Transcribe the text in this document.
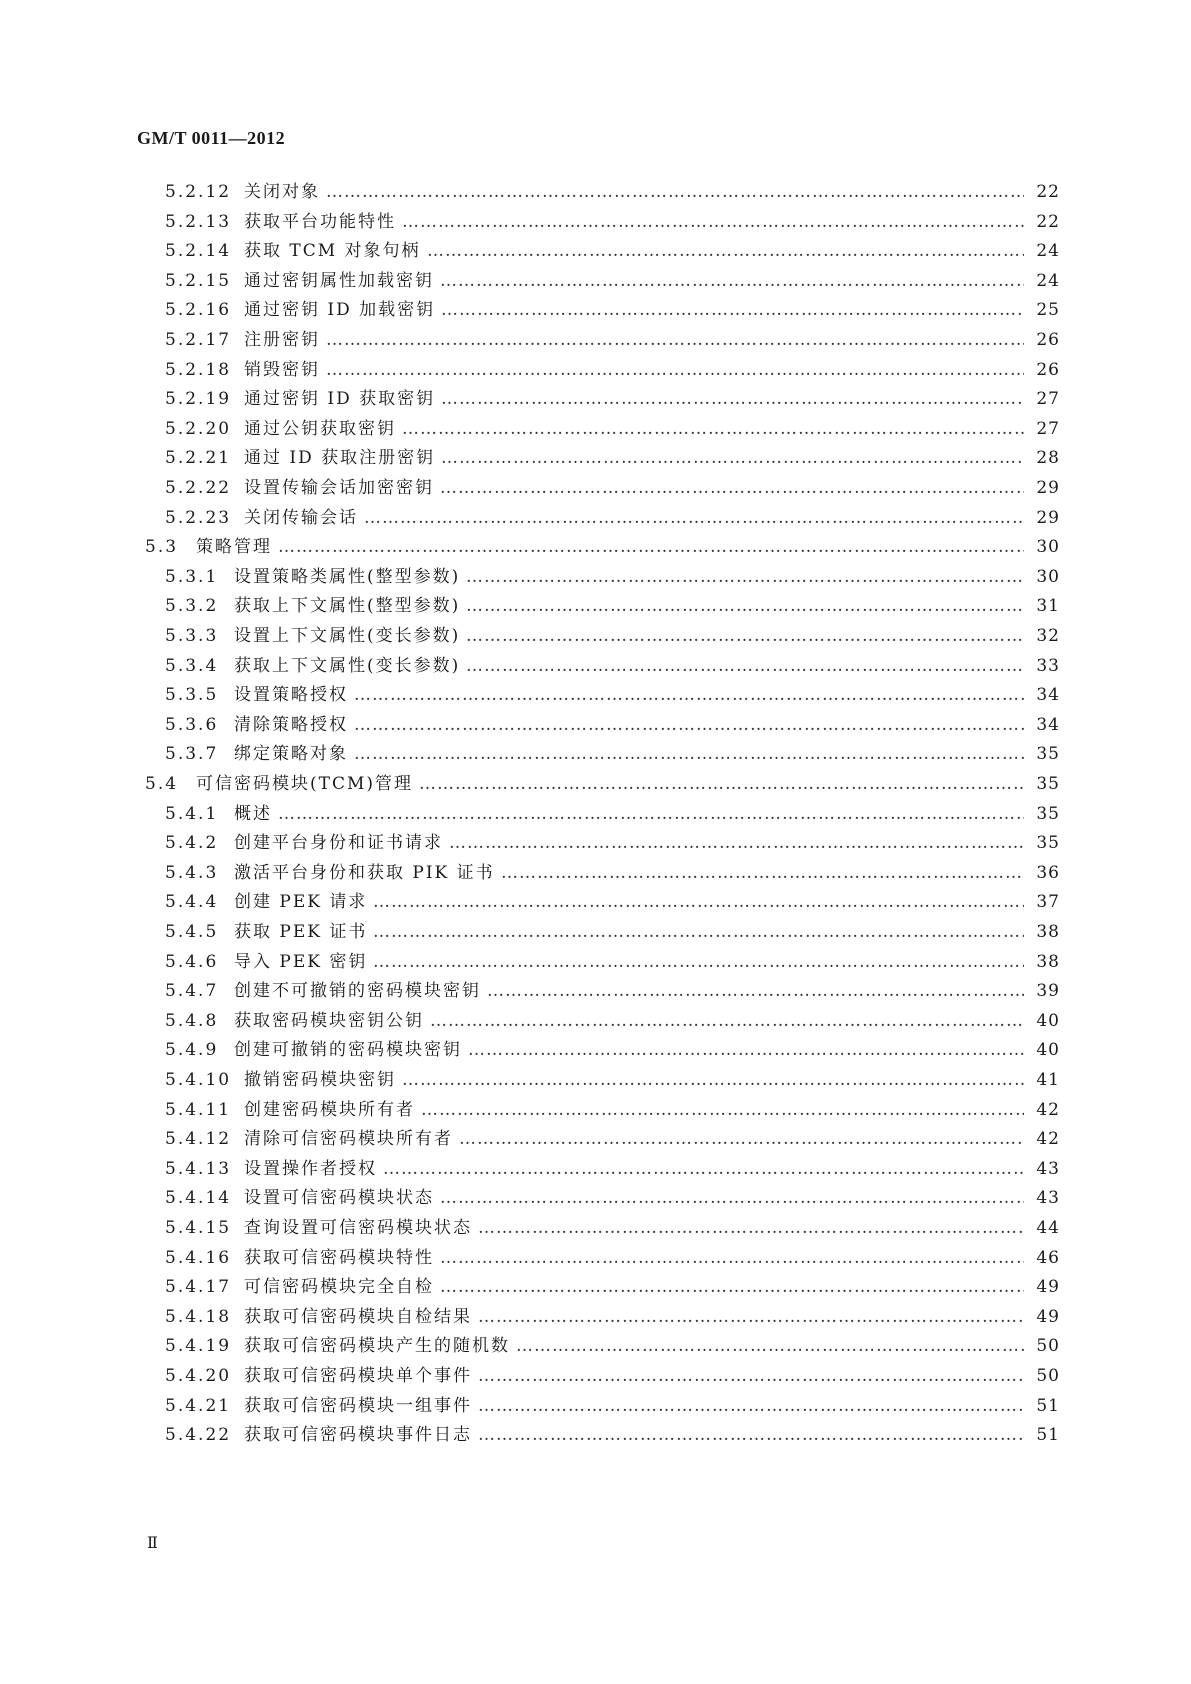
GM/T 0011—2012
5.2.12 关闭对象 …………………………………………………………………………………………………………………………………………………………………………………………………………………………………………………………………………	22
5.2.13 获取平台功能特性 …………………………………………………………………………………………………………………………………………………………………………………………………………………………………………………………………………	22
5.2.14 获取 TCM 对象句柄 …………………………………………………………………………………………………………………………………………………………………………………………………………………………………………………………………………	24
5.2.15 通过密钥属性加载密钥 …………………………………………………………………………………………………………………………………………………………………………………………………………………………………………………………………………	24
5.2.16 通过密钥 ID 加载密钥 …………………………………………………………………………………………………………………………………………………………………………………………………………………………………………………………………………	25
5.2.17 注册密钥 …………………………………………………………………………………………………………………………………………………………………………………………………………………………………………………………………………	26
5.2.18 销毁密钥 …………………………………………………………………………………………………………………………………………………………………………………………………………………………………………………………………………	26
5.2.19 通过密钥 ID 获取密钥 …………………………………………………………………………………………………………………………………………………………………………………………………………………………………………………………………………	27
5.2.20 通过公钥获取密钥 …………………………………………………………………………………………………………………………………………………………………………………………………………………………………………………………………………	27
5.2.21 通过 ID 获取注册密钥 …………………………………………………………………………………………………………………………………………………………………………………………………………………………………………………………………………	28
5.2.22 设置传输会话加密密钥 …………………………………………………………………………………………………………………………………………………………………………………………………………………………………………………………………………	29
5.2.23 关闭传输会话 …………………………………………………………………………………………………………………………………………………………………………………………………………………………………………………………………………	29
5.3 策略管理 …………………………………………………………………………………………………………………………………………………………………………………………………………………………………………………………………………	30
5.3.1 设置策略类属性(整型参数) …………………………………………………………………………………………………………………………………………………………………………………………………………………………………………………………………………	30
5.3.2 获取上下文属性(整型参数) …………………………………………………………………………………………………………………………………………………………………………………………………………………………………………………………………………	31
5.3.3 设置上下文属性(变长参数) …………………………………………………………………………………………………………………………………………………………………………………………………………………………………………………………………………	32
5.3.4 获取上下文属性(变长参数) …………………………………………………………………………………………………………………………………………………………………………………………………………………………………………………………………………	33
5.3.5 设置策略授权 …………………………………………………………………………………………………………………………………………………………………………………………………………………………………………………………………………	34
5.3.6 清除策略授权 …………………………………………………………………………………………………………………………………………………………………………………………………………………………………………………………………………	34
5.3.7 绑定策略对象 …………………………………………………………………………………………………………………………………………………………………………………………………………………………………………………………………………	35
5.4 可信密码模块(TCM)管理 …………………………………………………………………………………………………………………………………………………………………………………………………………………………………………………………………………	35
5.4.1 概述 …………………………………………………………………………………………………………………………………………………………………………………………………………………………………………………………………………	35
5.4.2 创建平台身份和证书请求 …………………………………………………………………………………………………………………………………………………………………………………………………………………………………………………………………………	35
5.4.3 激活平台身份和获取 PIK 证书 …………………………………………………………………………………………………………………………………………………………………………………………………………………………………………………………………………	36
5.4.4 创建 PEK 请求 …………………………………………………………………………………………………………………………………………………………………………………………………………………………………………………………………………	37
5.4.5 获取 PEK 证书 …………………………………………………………………………………………………………………………………………………………………………………………………………………………………………………………………………	38
5.4.6 导入 PEK 密钥 …………………………………………………………………………………………………………………………………………………………………………………………………………………………………………………………………………	38
5.4.7 创建不可撤销的密码模块密钥 …………………………………………………………………………………………………………………………………………………………………………………………………………………………………………………………………………	39
5.4.8 获取密码模块密钥公钥 …………………………………………………………………………………………………………………………………………………………………………………………………………………………………………………………………………	40
5.4.9 创建可撤销的密码模块密钥 …………………………………………………………………………………………………………………………………………………………………………………………………………………………………………………………………………	40
5.4.10 撤销密码模块密钥 …………………………………………………………………………………………………………………………………………………………………………………………………………………………………………………………………………	41
5.4.11 创建密码模块所有者 …………………………………………………………………………………………………………………………………………………………………………………………………………………………………………………………………………	42
5.4.12 清除可信密码模块所有者 …………………………………………………………………………………………………………………………………………………………………………………………………………………………………………………………………………	42
5.4.13 设置操作者授权 …………………………………………………………………………………………………………………………………………………………………………………………………………………………………………………………………………	43
5.4.14 设置可信密码模块状态 …………………………………………………………………………………………………………………………………………………………………………………………………………………………………………………………………………	43
5.4.15 查询设置可信密码模块状态 …………………………………………………………………………………………………………………………………………………………………………………………………………………………………………………………………………	44
5.4.16 获取可信密码模块特性 …………………………………………………………………………………………………………………………………………………………………………………………………………………………………………………………………………	46
5.4.17 可信密码模块完全自检 …………………………………………………………………………………………………………………………………………………………………………………………………………………………………………………………………………	49
5.4.18 获取可信密码模块自检结果 …………………………………………………………………………………………………………………………………………………………………………………………………………………………………………………………………………	49
5.4.19 获取可信密码模块产生的随机数 …………………………………………………………………………………………………………………………………………………………………………………………………………………………………………………………………………	50
5.4.20 获取可信密码模块单个事件 …………………………………………………………………………………………………………………………………………………………………………………………………………………………………………………………………………	50
5.4.21 获取可信密码模块一组事件 …………………………………………………………………………………………………………………………………………………………………………………………………………………………………………………………………………	51
5.4.22 获取可信密码模块事件日志 …………………………………………………………………………………………………………………………………………………………………………………………………………………………………………………………………………	51
Ⅱ
